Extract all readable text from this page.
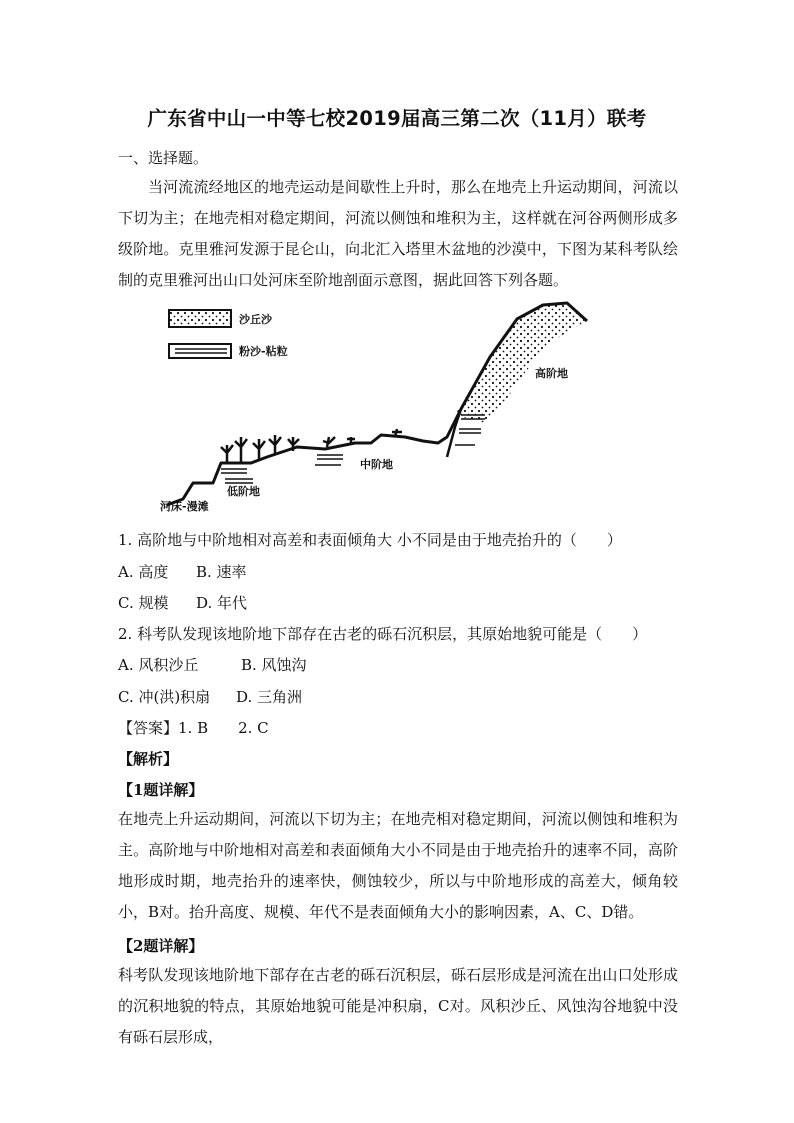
广东省中山一中等七校2019届高三第二次（11月）联考
一、选择题。
当河流流经地区的地壳运动是间歇性上升时，那么在地壳上升运动期间，河流以下切为主；在地壳相对稳定期间，河流以侧蚀和堆积为主，这样就在河谷两侧形成多级阶地。克里雅河发源于昆仑山，向北汇入塔里木盆地的沙漠中，下图为某科考队绘制的克里雅河出山口处河床至阶地剖面示意图，据此回答下列各题。
沙丘沙
粉沙-粘粒
高阶地
中阶地
低阶地
河床-漫滩
1. 高阶地与中阶地相对高差和表面倾角大 小不同是由于地壳抬升的（　　）
A. 高度 B. 速率
C. 规模 D. 年代
2. 科考队发现该地阶地下部存在古老的砾石沉积层，其原始地貌可能是（　　）
A. 风积沙丘	B. 风蚀沟
C. 冲(洪)积扇 D. 三角洲
【答案】1. B　　2. C
【解析】
【1题详解】
在地壳上升运动期间，河流以下切为主；在地壳相对稳定期间，河流以侧蚀和堆积为主。高阶地与中阶地相对高差和表面倾角大小不同是由于地壳抬升的速率不同，高阶地形成时期，地壳抬升的速率快，侧蚀较少，所以与中阶地形成的高差大，倾角较小，B对。抬升高度、规模、年代不是表面倾角大小的影响因素，A、C、D错。
【2题详解】
科考队发现该地阶地下部存在古老的砾石沉积层，砾石层形成是河流在出山口处形成的沉积地貌的特点，其原始地貌可能是冲积扇，C对。风积沙丘、风蚀沟谷地貌中没有砾石层形成，
